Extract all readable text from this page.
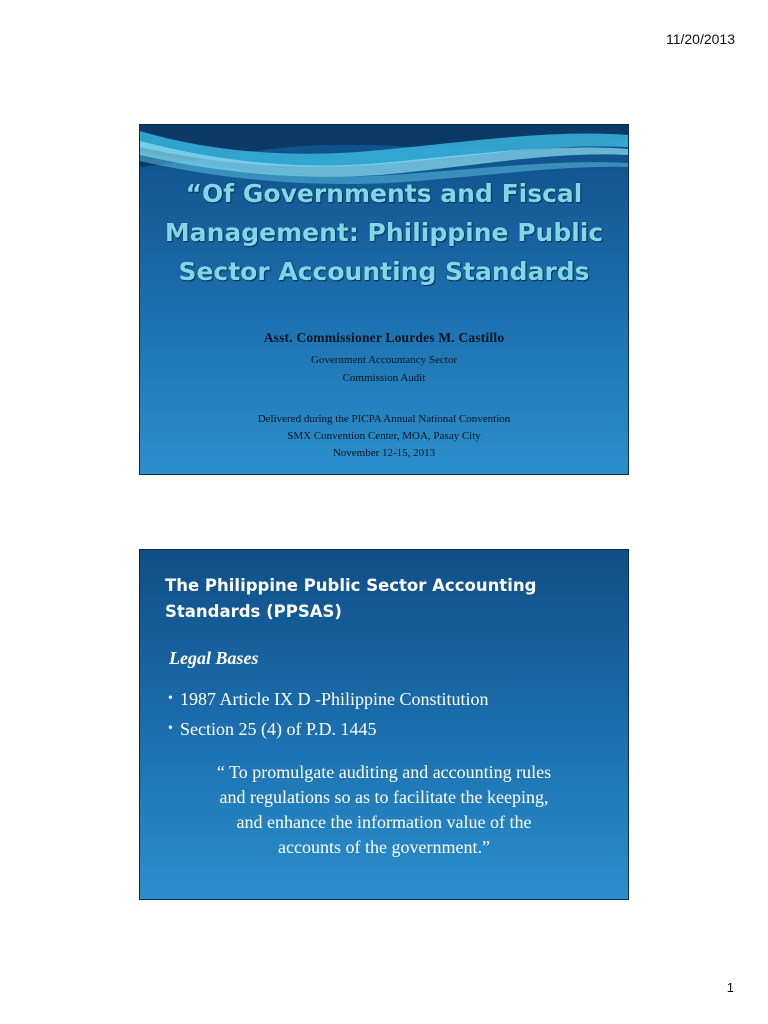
11/20/2013
“Of Governments and Fiscal
Management: Philippine Public
Sector Accounting Standards
Asst. Commissioner Lourdes M. Castillo
Government Accountancy Sector
Commission Audit
Delivered during the PICPA Annual National Convention
SMX Convention Center, MOA, Pasay City
November 12-15, 2013
The Philippine Public Sector Accounting
Standards (PPSAS)
Legal Bases
• 1987 Article IX D -Philippine Constitution
• Section 25 (4) of P.D. 1445
“ To promulgate auditing and accounting rules
and regulations so as to facilitate the keeping,
and enhance the information value of the
accounts of the government.”
1
